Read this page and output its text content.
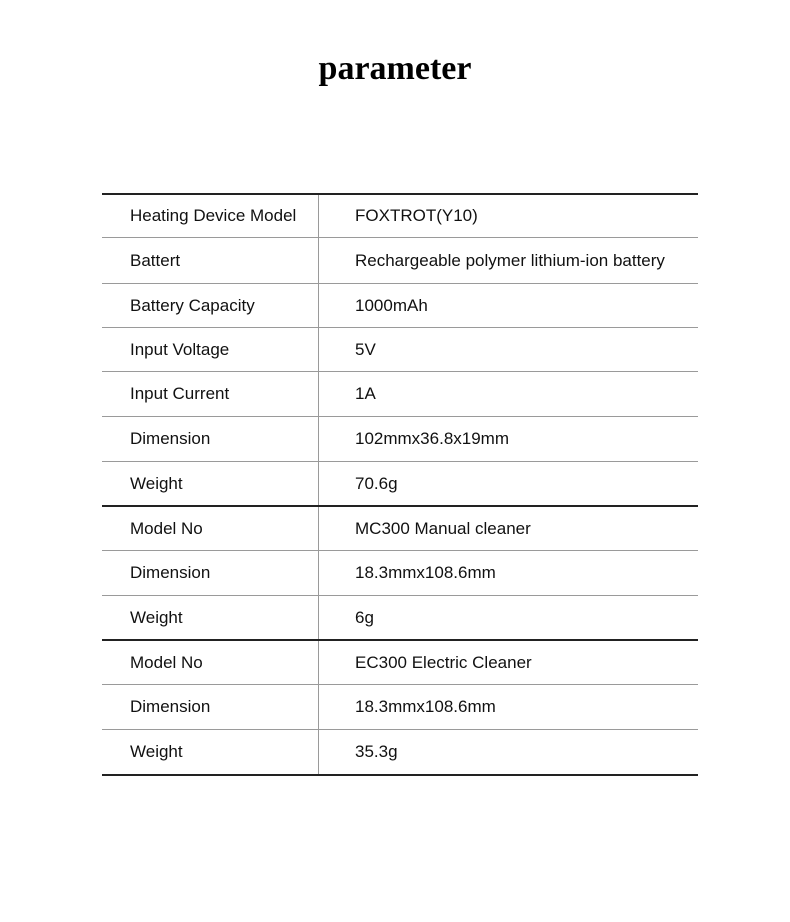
parameter
Heating Device Model	FOXTROT(Y10)
Battert	Rechargeable polymer lithium-ion battery
Battery Capacity	1000mAh
Input Voltage	5V
Input Current	1A
Dimension	102mmx36.8x19mm
Weight	70.6g
Model No	MC300 Manual cleaner
Dimension	18.3mmx108.6mm
Weight	6g
Model No	EC300 Electric Cleaner
Dimension	18.3mmx108.6mm
Weight	35.3g
